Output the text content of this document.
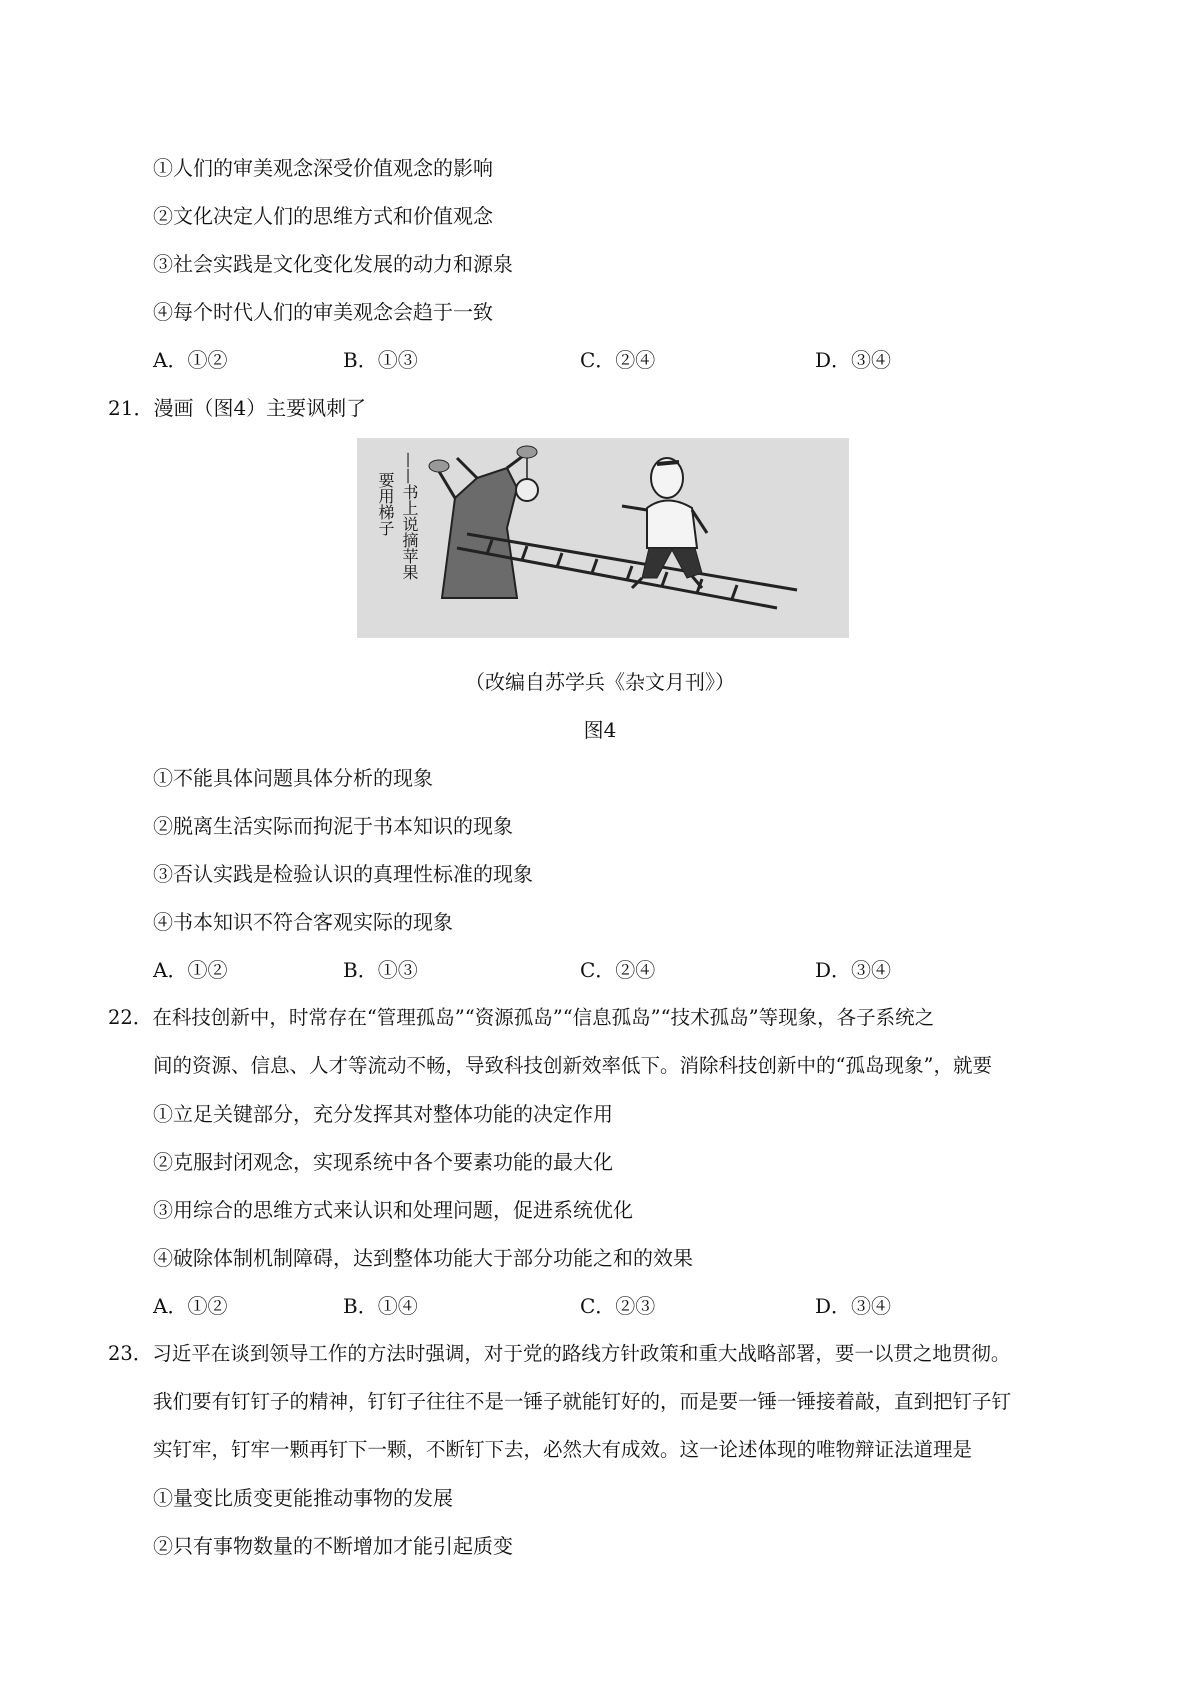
①人们的审美观念深受价值观念的影响
②文化决定人们的思维方式和价值观念
③社会实践是文化变化发展的动力和源泉
④每个时代人们的审美观念会趋于一致
A．①②	B．①③	C．②④	D．③④
21．漫画（图4）主要讽刺了
——书上说摘苹果
要用梯子
（改编自苏学兵《杂文月刊》）
图4
①不能具体问题具体分析的现象
②脱离生活实际而拘泥于书本知识的现象
③否认实践是检验认识的真理性标准的现象
④书本知识不符合客观实际的现象
A．①②	B．①③	C．②④	D．③④
22．在科技创新中，时常存在“管理孤岛”“资源孤岛”“信息孤岛”“技术孤岛”等现象，各子系统之
间的资源、信息、人才等流动不畅，导致科技创新效率低下。消除科技创新中的“孤岛现象”，就要
①立足关键部分，充分发挥其对整体功能的决定作用
②克服封闭观念，实现系统中各个要素功能的最大化
③用综合的思维方式来认识和处理问题，促进系统优化
④破除体制机制障碍，达到整体功能大于部分功能之和的效果
A．①②	B．①④	C．②③	D．③④
23．习近平在谈到领导工作的方法时强调，对于党的路线方针政策和重大战略部署，要一以贯之地贯彻。
我们要有钉钉子的精神，钉钉子往往不是一锤子就能钉好的，而是要一锤一锤接着敲，直到把钉子钉
实钉牢，钉牢一颗再钉下一颗，不断钉下去，必然大有成效。这一论述体现的唯物辩证法道理是
①量变比质变更能推动事物的发展
②只有事物数量的不断增加才能引起质变
